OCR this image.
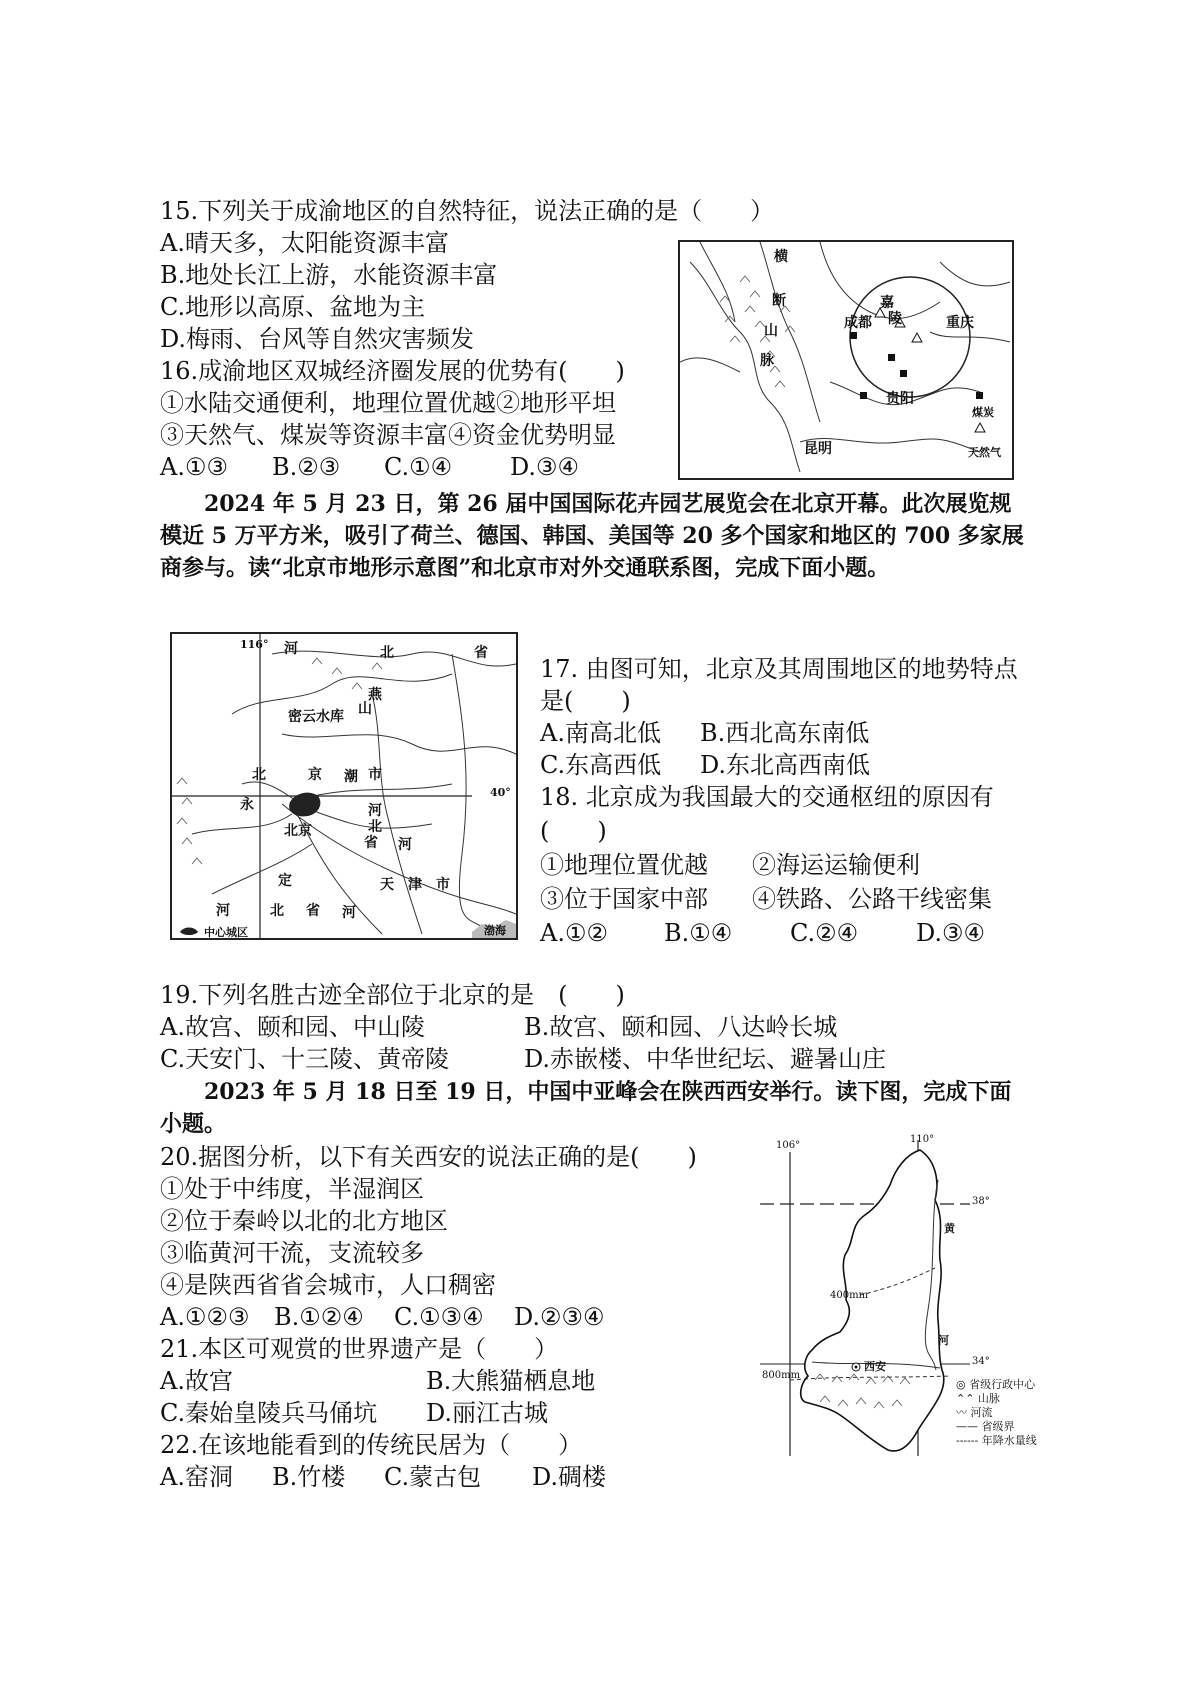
15.下列关于成渝地区的自然特征，说法正确的是（　　）
A.晴天多，太阳能资源丰富
B.地处长江上游，水能资源丰富
C.地形以高原、盆地为主
D.梅雨、台风等自然灾害频发
16.成渝地区双城经济圈发展的优势有(　　)
①水陆交通便利，地理位置优越②地形平坦
③天然气、煤炭等资源丰富④资金优势明显
A.①③ B.②③ C.①④ D.③④
横
断
山
脉
嘉
陵
成都	重庆
贵阳
昆明
煤炭
天然气
2024 年 5 月 23 日，第 26 届中国国际花卉园艺展览会在北京开幕。此次展览规模近 5 万平方米，吸引了荷兰、德国、韩国、美国等 20 多个国家和地区的 700 多家展商参与。读“北京市地形示意图”和北京市对外交通联系图，完成下面小题。
116°
40°
河	北	省
燕
山
密云水库
北	京 潮 市
永
北京
河
北
省 河
定	天　津　市
河	北 省 河
渤海
中心城区
17. 由图可知，北京及其周围地区的地势特点
是(　　)
A.南高北低 B.西北高东南低
C.东高西低 D.东北高西南低
18. 北京成为我国最大的交通枢纽的原因有
(　　)
①地理位置优越 ②海运运输便利
③位于国家中部 ④铁路、公路干线密集
A.①② B.①④ C.②④ D.③④
19.下列名胜古迹全部位于北京的是　(　　)
A.故宫、颐和园、中山陵	B.故宫、颐和园、八达岭长城
C.天安门、十三陵、黄帝陵	D.赤嵌楼、中华世纪坛、避暑山庄
2023 年 5 月 18 日至 19 日，中国中亚峰会在陕西西安举行。读下图，完成下面小题。
20.据图分析，以下有关西安的说法正确的是(　　)
①处于中纬度，半湿润区
②位于秦岭以北的北方地区
③临黄河干流，支流较多
④是陕西省省会城市，人口稠密
A.①②③ B.①②④ C.①③④ D.②③④
21.本区可观赏的世界遗产是（　　）
A.故宫	B.大熊猫栖息地
C.秦始皇陵兵马俑坑 D.丽江古城
22.在该地能看到的传统民居为（　　）
A.窑洞 B.竹楼 C.蒙古包 D.碉楼
106°
110°
38°
34°
400mm
800mm
西安
黄
河
◎ 省级行政中心
⌃⌃ 山脉
〰 河流
—— 省级界
------ 年降水量线
